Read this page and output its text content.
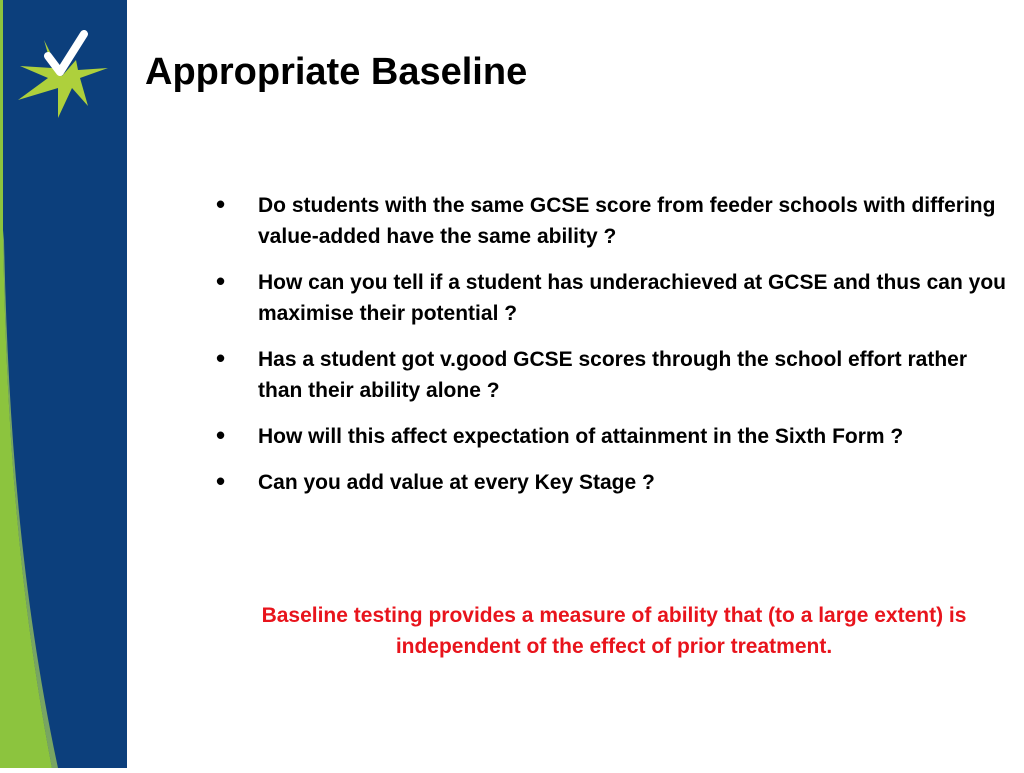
Appropriate Baseline
• Do students with the same GCSE score from feeder schools with differing value-added have the same ability ?
• How can you tell if a student has underachieved at GCSE and thus can you maximise their potential ?
• Has a student got v.good GCSE scores through the school effort rather than their ability alone ?
• How will this affect expectation of attainment in the Sixth Form ?
• Can you add value at every Key Stage ?

Baseline testing provides a measure of ability that (to a large extent) is independent of the effect of prior treatment.
